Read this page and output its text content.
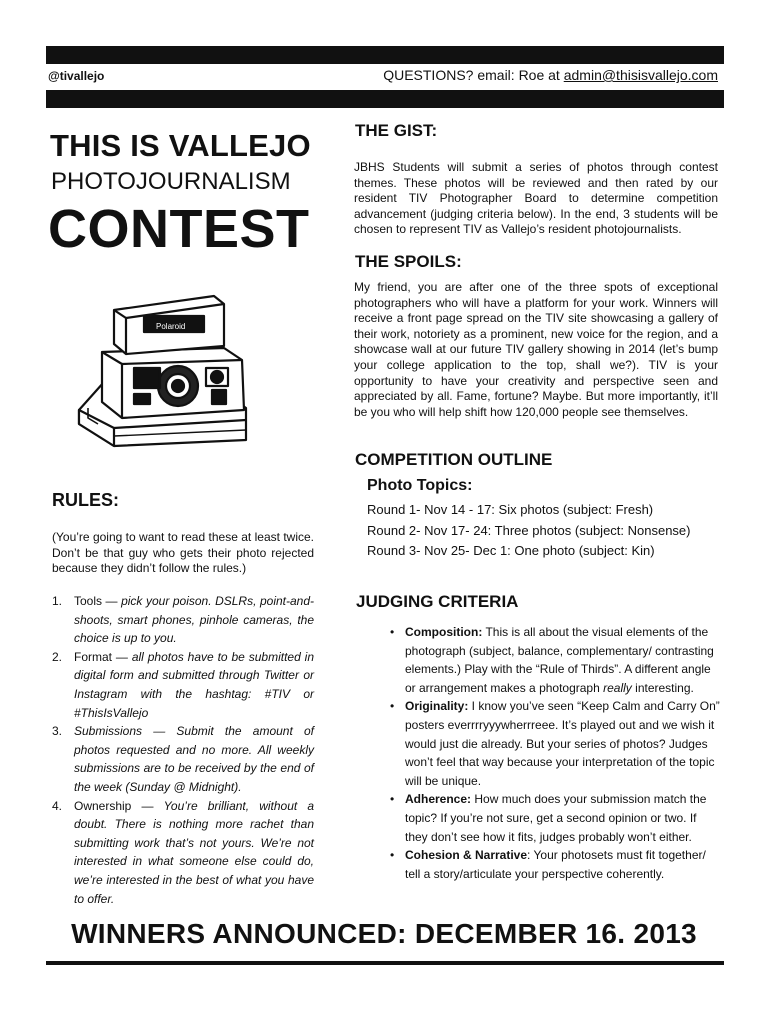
@tivallejo	QUESTIONS? email: Roe at admin@thisisvallejo.com
THIS IS VALLEJO
PHOTOJOURNALISM
CONTEST
Polaroid
RULES:
(You’re going to want to read these at least twice. Don’t be that guy who gets their photo rejected because they didn’t follow the rules.)
1. Tools — pick your poison. DSLRs, point-and-shoots, smart phones, pinhole cameras, the choice is up to you.
2. Format — all photos have to be submitted in digital form and submitted through Twitter or Instagram with the hashtag: #TIV or #ThisIsVallejo
3. Submissions — Submit the amount of photos requested and no more. All weekly submissions are to be received by the end of the week (Sunday @ Midnight).
4. Ownership — You’re brilliant, without a doubt. There is nothing more rachet than submitting work that’s not yours. We’re not interested in what someone else could do, we’re interested in the best of what you have to offer.
THE GIST:
JBHS Students will submit a series of photos through contest themes. These photos will be reviewed and then rated by our resident TIV Photographer Board to determine competition advancement (judging criteria below). In the end, 3 students will be chosen to represent TIV as Vallejo’s resident photojournalists.
THE SPOILS:
My friend, you are after one of the three spots of exceptional photographers who will have a platform for your work. Winners will receive a front page spread on the TIV site showcasing a gallery of their work, notoriety as a prominent, new voice for the region, and a showcase wall at our future TIV gallery showing in 2014 (let’s bump your college application to the top, shall we?). TIV is your opportunity to have your creativity and perspective seen and appreciated by all. Fame, fortune? Maybe. But more importantly, it’ll be you who will help shift how 120,000 people see themselves.
COMPETITION OUTLINE
Photo Topics:
Round 1- Nov 14 - 17: Six photos (subject: Fresh)
Round 2- Nov 17- 24: Three photos (subject: Nonsense)
Round 3- Nov 25- Dec 1: One photo (subject: Kin)
JUDGING CRITERIA
• Composition: This is all about the visual elements of the photograph (subject, balance, complementary/ contrasting elements.) Play with the “Rule of Thirds”. A different angle or arrangement makes a photograph really interesting.
• Originality: I know you’ve seen “Keep Calm and Carry On” posters everrrryyywherrreee. It’s played out and we wish it would just die already. But your series of photos? Judges won’t feel that way because your interpretation of the topic will be unique.
• Adherence: How much does your submission match the topic? If you’re not sure, get a second opinion or two. If they don’t see how it fits, judges probably won’t either.
• Cohesion & Narrative: Your photosets must fit together/ tell a story/articulate your perspective coherently.
WINNERS ANNOUNCED: DECEMBER 16. 2013
